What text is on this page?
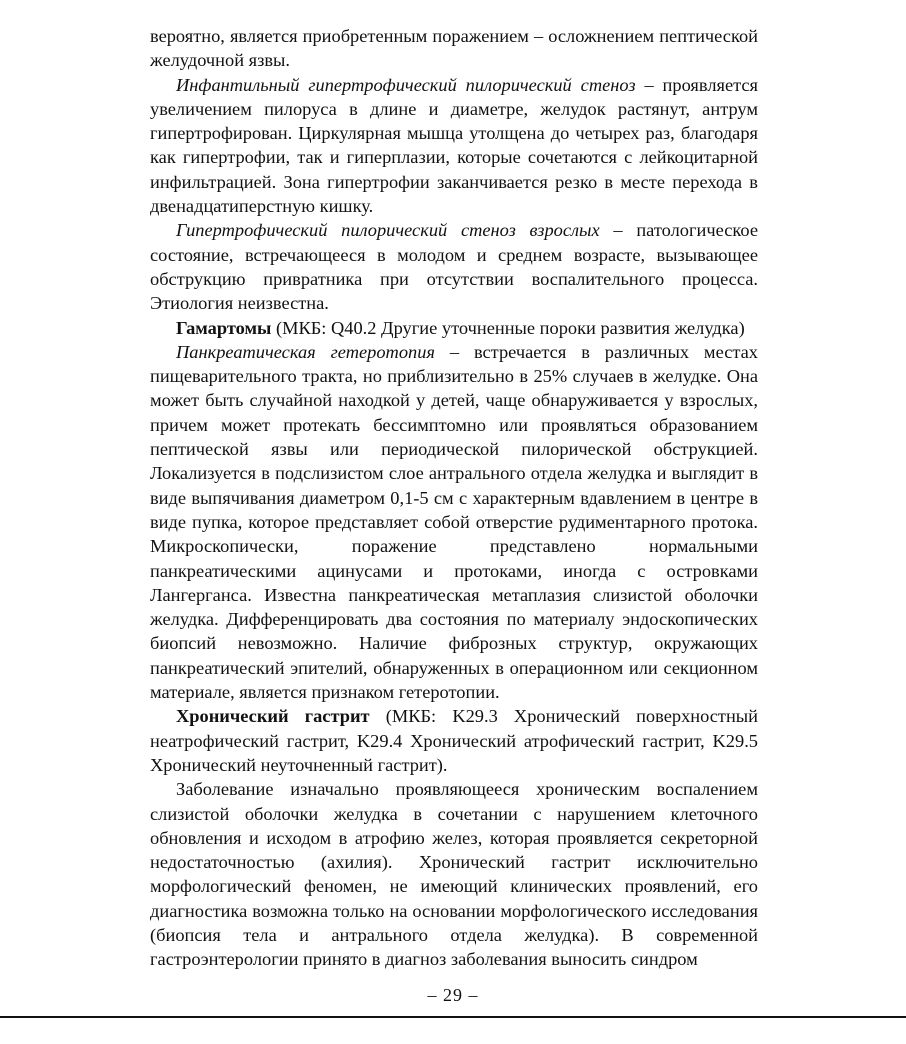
вероятно, является приобретенным поражением – осложнением пептической желудочной язвы.

Инфантильный гипертрофический пилорический стеноз – проявляется увеличением пилоруса в длине и диаметре, желудок растянут, антрум гипертрофирован. Циркулярная мышца утолщена до четырех раз, благодаря как гипертрофии, так и гиперплазии, которые сочетаются с лейкоцитарной инфильтрацией. Зона гипертрофии заканчивается резко в месте перехода в двенадцатиперстную кишку.

Гипертрофический пилорический стеноз взрослых – патологическое состояние, встречающееся в молодом и среднем возрасте, вызывающее обструкцию привратника при отсутствии воспалительного процесса. Этиология неизвестна.

Гамартомы (МКБ: Q40.2 Другие уточненные пороки развития желудка)

Панкреатическая гетеротопия – встречается в различных местах пищеварительного тракта, но приблизительно в 25% случаев в желудке. Она может быть случайной находкой у детей, чаще обнаруживается у взрослых, причем может протекать бессимптомно или проявляться образованием пептической язвы или периодической пилорической обструкцией. Локализуется в подслизистом слое антрального отдела желудка и выглядит в виде выпячивания диаметром 0,1-5 см с характерным вдавлением в центре в виде пупка, которое представляет собой отверстие рудиментарного протока. Микроскопически, поражение представлено нормальными панкреатическими ацинусами и протоками, иногда с островками Лангерганса. Известна панкреатическая метаплазия слизистой оболочки желудка. Дифференцировать два состояния по материалу эндоскопических биопсий невозможно. Наличие фиброзных структур, окружающих панкреатический эпителий, обнаруженных в операционном или секционном материале, является признаком гетеротопии.

Хронический гастрит (МКБ: K29.3 Хронический поверхностный неатрофический гастрит, K29.4 Хронический атрофический гастрит, K29.5 Хронический неуточненный гастрит).

Заболевание изначально проявляющееся хроническим воспалением слизистой оболочки желудка в сочетании с нарушением клеточного обновления и исходом в атрофию желез, которая проявляется секреторной недостаточностью (ахилия). Хронический гастрит исключительно морфологический феномен, не имеющий клинических проявлений, его диагностика возможна только на основании морфологического исследования (биопсия тела и антрального отдела желудка). В современной гастроэнтерологии принято в диагноз заболевания выносить синдром

– 29 –
